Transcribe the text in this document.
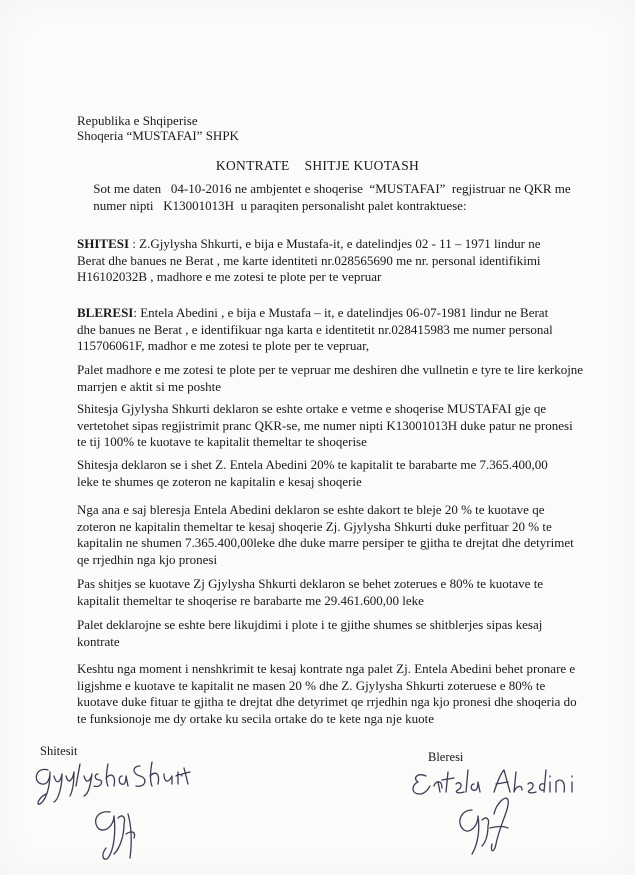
Republika e Shqiperise
Shoqeria “MUSTAFAI” SHPK
KONTRATE SHITJE KUOTASH

Sot me daten   04-10-2016 ne ambjentet e shoqerise  “MUSTAFAI”  regjistruar ne QKR me

numer nipti   K13001013H  u paraqiten personalisht palet kontraktuese:

SHITESI : Z.Gjylysha Shkurti, e bija e Mustafa-it, e datelindjes 02 - 11 – 1971 lindur ne

Berat dhe banues ne Berat , me karte identiteti nr.028565690 me nr. personal identifikimi

H16102032B , madhore e me zotesi te plote per te vepruar

BLERESI: Entela Abedini , e bija e Mustafa – it, e datelindjes 06-07-1981 lindur ne Berat

dhe banues ne Berat , e identifikuar nga karta e identitetit nr.028415983 me numer personal

115706061F, madhor e me zotesi te plote per te vepruar,

Palet madhore e me zotesi te plote per te vepruar me deshiren dhe vullnetin e tyre te lire kerkojne

marrjen e aktit si me poshte

Shitesja Gjylysha Shkurti deklaron se eshte ortake e vetme e shoqerise MUSTAFAI gje qe

vertetohet sipas regjistrimit pranc QKR-se, me numer nipti K13001013H duke patur ne pronesi

te tij 100% te kuotave te kapitalit themeltar te shoqerise

Shitesja deklaron se i shet Z. Entela Abedini 20% te kapitalit te barabarte me 7.365.400,00

leke te shumes qe zoteron ne kapitalin e kesaj shoqerie

Nga ana e saj bleresja Entela Abedini deklaron se eshte dakort te bleje 20 % te kuotave qe

zoteron ne kapitalin themeltar te kesaj shoqerie Zj. Gjylysha Shkurti duke perfituar 20 % te

kapitalin ne shumen 7.365.400,00leke dhe duke marre persiper te gjitha te drejtat dhe detyrimet

qe rrjedhin nga kjo pronesi

Pas shitjes se kuotave Zj Gjylysha Shkurti deklaron se behet zoterues e 80% te kuotave te

kapitalit themeltar te shoqerise re barabarte me 29.461.600,00 leke

Palet deklarojne se eshte bere likujdimi i plote i te gjithe shumes se shitblerjes sipas kesaj

kontrate

Keshtu nga moment i nenshkrimit te kesaj kontrate nga palet Zj. Entela Abedini behet pronare e

ligjshme e kuotave te kapitalit ne masen 20 % dhe Z. Gjylysha Shkurti zoteruese e 80% te

kuotave duke fituar te gjitha te drejtat dhe detyrimet qe rrjedhin nga kjo pronesi dhe shoqeria do

te funksionoje me dy ortake ku secila ortake do te kete nga nje kuote

Shitesit	Bleresi
